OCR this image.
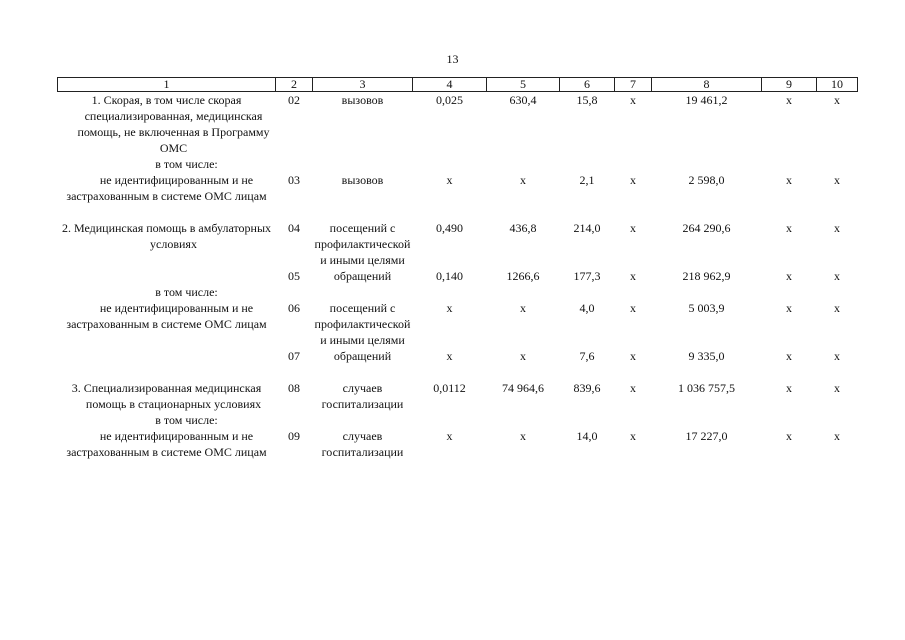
13
1	2	3	4	5	6	7	8	9	10

1. Скорая, в том числе скорая специализированная, медицинская помощь, не включенная в Программу ОМС	02	вызовов	0,025	630,4	15,8	x	19 461,2	x	x

в том числе:									

не идентифицированным и не застрахованным в системе ОМС лицам	03	вызовов	x	x	2,1	x	2 598,0	x	x

2. Медицинская помощь в амбулаторных условиях	04	посещений с профилактической и иными целями	0,490	436,8	214,0	x	264 290,6	x	x
	05	обращений	0,140	1266,6	177,3	x	218 962,9	x	x

в том числе:									

не идентифицированным и не застрахованным в системе ОМС лицам	06	посещений с профилактической и иными целями	x	x	4,0	x	5 003,9	x	x
	07	обращений	x	x	7,6	x	9 335,0	x	x

3. Специализированная медицинская помощь в стационарных условиях	08	случаев госпитализации	0,0112	74 964,6	839,6	x	1 036 757,5	x	x

в том числе:									

не идентифицированным и не застрахованным в системе ОМС лицам	09	случаев госпитализации	x	x	14,0	x	17 227,0	x	x
